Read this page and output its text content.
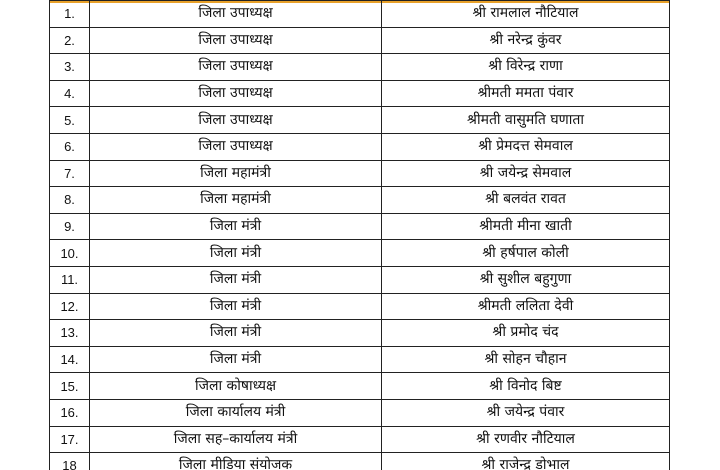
1.	जिला उपाध्यक्ष	श्री रामलाल नौटियाल
2.	जिला उपाध्यक्ष	श्री नरेन्द्र कुंवर
3.	जिला उपाध्यक्ष	श्री विरेन्द्र राणा
4.	जिला उपाध्यक्ष	श्रीमती ममता पंवार
5.	जिला उपाध्यक्ष	श्रीमती वासुमति घणाता
6.	जिला उपाध्यक्ष	श्री प्रेमदत्त सेमवाल
7.	जिला महामंत्री	श्री जयेन्द्र सेमवाल
8.	जिला महामंत्री	श्री बलवंत रावत
9.	जिला मंत्री	श्रीमती मीना खाती
10.	जिला मंत्री	श्री हर्षपाल कोली
11.	जिला मंत्री	श्री सुशील बहुगुणा
12.	जिला मंत्री	श्रीमती ललिता देवी
13.	जिला मंत्री	श्री प्रमोद चंद
14.	जिला मंत्री	श्री सोहन चौहान
15.	जिला कोषाध्यक्ष	श्री विनोद बिष्ट
16.	जिला कार्यालय मंत्री	श्री जयेन्द्र पंवार
17.	जिला सह–कार्यालय मंत्री	श्री रणवीर नौटियाल
18	जिला मीडिया संयोजक	श्री राजेन्द्र डोभाल
